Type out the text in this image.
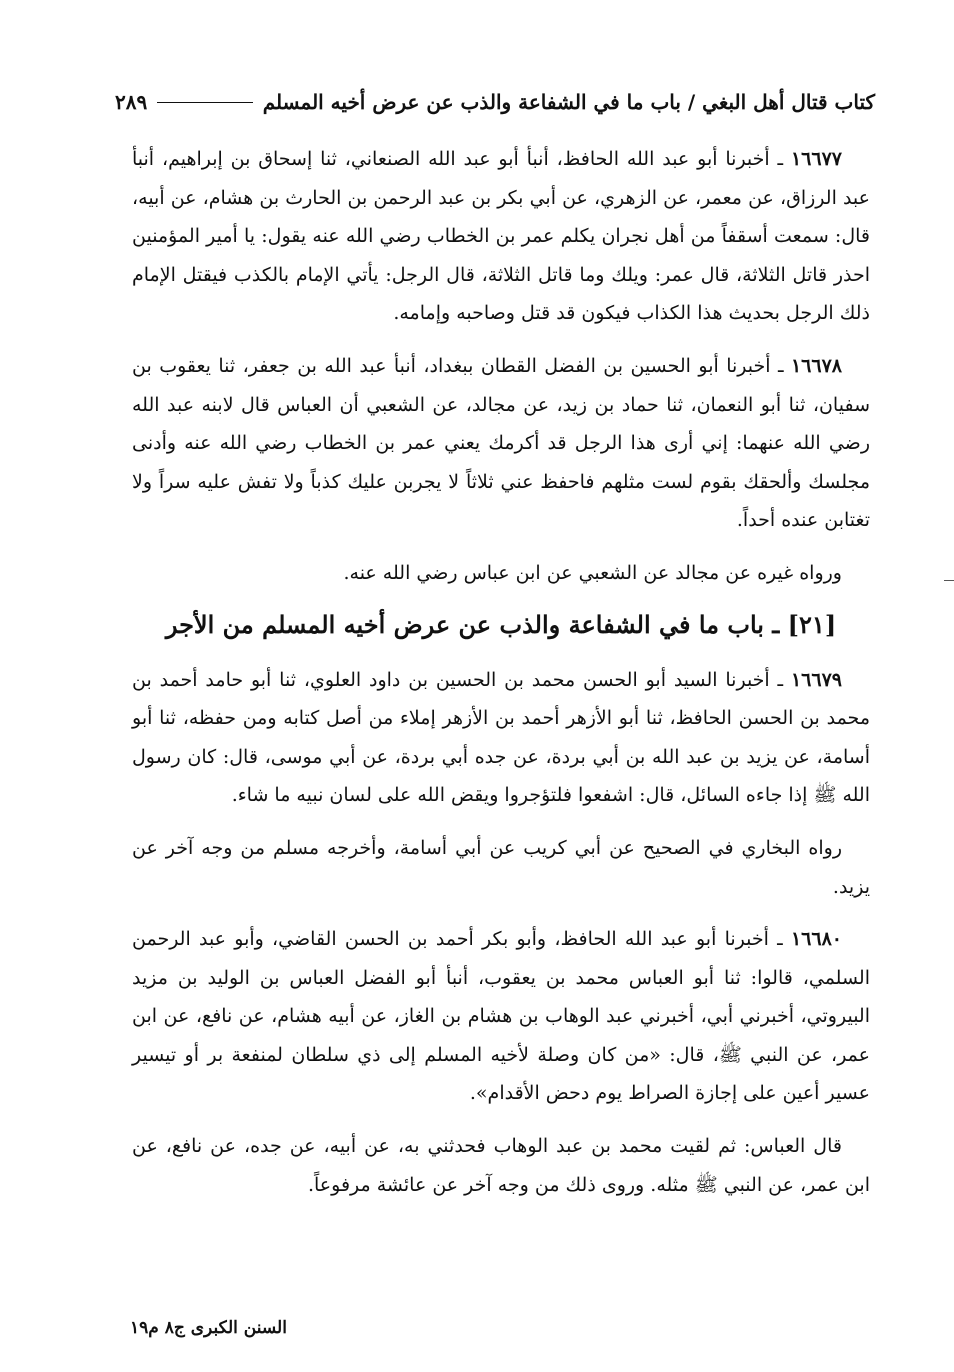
كتاب قتال أهل البغي / باب ما في الشفاعة والذب عن عرض أخيه المسلم
٢٨٩

١٦٦٧٧ ـ أخبرنا أبو عبد الله الحافظ، أنبأ أبو عبد الله الصنعاني، ثنا إسحاق بن إبراهيم، أنبأ عبد الرزاق، عن معمر، عن الزهري، عن أبي بكر بن عبد الرحمن بن الحارث بن هشام، عن أبيه، قال: سمعت أسقفاً من أهل نجران يكلم عمر بن الخطاب رضي الله عنه يقول: يا أمير المؤمنين احذر قاتل الثلاثة، قال عمر: ويلك وما قاتل الثلاثة، قال الرجل: يأتي الإمام بالكذب فيقتل الإمام ذلك الرجل بحديث هذا الكذاب فيكون قد قتل وصاحبه وإمامه.

١٦٦٧٨ ـ أخبرنا أبو الحسين بن الفضل القطان ببغداد، أنبأ عبد الله بن جعفر، ثنا يعقوب بن سفيان، ثنا أبو النعمان، ثنا حماد بن زيد، عن مجالد، عن الشعبي أن العباس قال لابنه عبد الله رضي الله عنهما: إني أرى هذا الرجل قد أكرمك يعني عمر بن الخطاب رضي الله عنه وأدنى مجلسك وألحقك بقوم لست مثلهم فاحفظ عني ثلاثاً لا يجربن عليك كذباً ولا تفش عليه سراً ولا تغتابن عنده أحداً.

ورواه غيره عن مجالد عن الشعبي عن ابن عباس رضي الله عنه.

[٢١] ـ باب ما في الشفاعة والذب عن عرض أخيه المسلم من الأجر

١٦٦٧٩ ـ أخبرنا السيد أبو الحسن محمد بن الحسين بن داود العلوي، ثنا أبو حامد أحمد بن محمد بن الحسن الحافظ، ثنا أبو الأزهر أحمد بن الأزهر إملاء من أصل كتابه ومن حفظه، ثنا أبو أسامة، عن يزيد بن عبد الله بن أبي بردة، عن جده أبي بردة، عن أبي موسى، قال: كان رسول الله ﷺ إذا جاءه السائل، قال: اشفعوا فلتؤجروا ويقض الله على لسان نبيه ما شاء.

رواه البخاري في الصحيح عن أبي كريب عن أبي أسامة، وأخرجه مسلم من وجه آخر عن يزيد.

١٦٦٨٠ ـ أخبرنا أبو عبد الله الحافظ، وأبو بكر أحمد بن الحسن القاضي، وأبو عبد الرحمن السلمي، قالوا: ثنا أبو العباس محمد بن يعقوب، أنبأ أبو الفضل العباس بن الوليد بن مزيد البيروتي، أخبرني أبي، أخبرني عبد الوهاب بن هشام بن الغاز، عن أبيه هشام، عن نافع، عن ابن عمر، عن النبي ﷺ، قال: «من كان وصلة لأخيه المسلم إلى ذي سلطان لمنفعة بر أو تيسير عسير أعين على إجازة الصراط يوم دحض الأقدام».

قال العباس: ثم لقيت محمد بن عبد الوهاب فحدثني به، عن أبيه، عن جده، عن نافع، عن ابن عمر، عن النبي ﷺ مثله. وروى ذلك من وجه آخر عن عائشة مرفوعاً.

السنن الكبرى ج٨ م١٩
